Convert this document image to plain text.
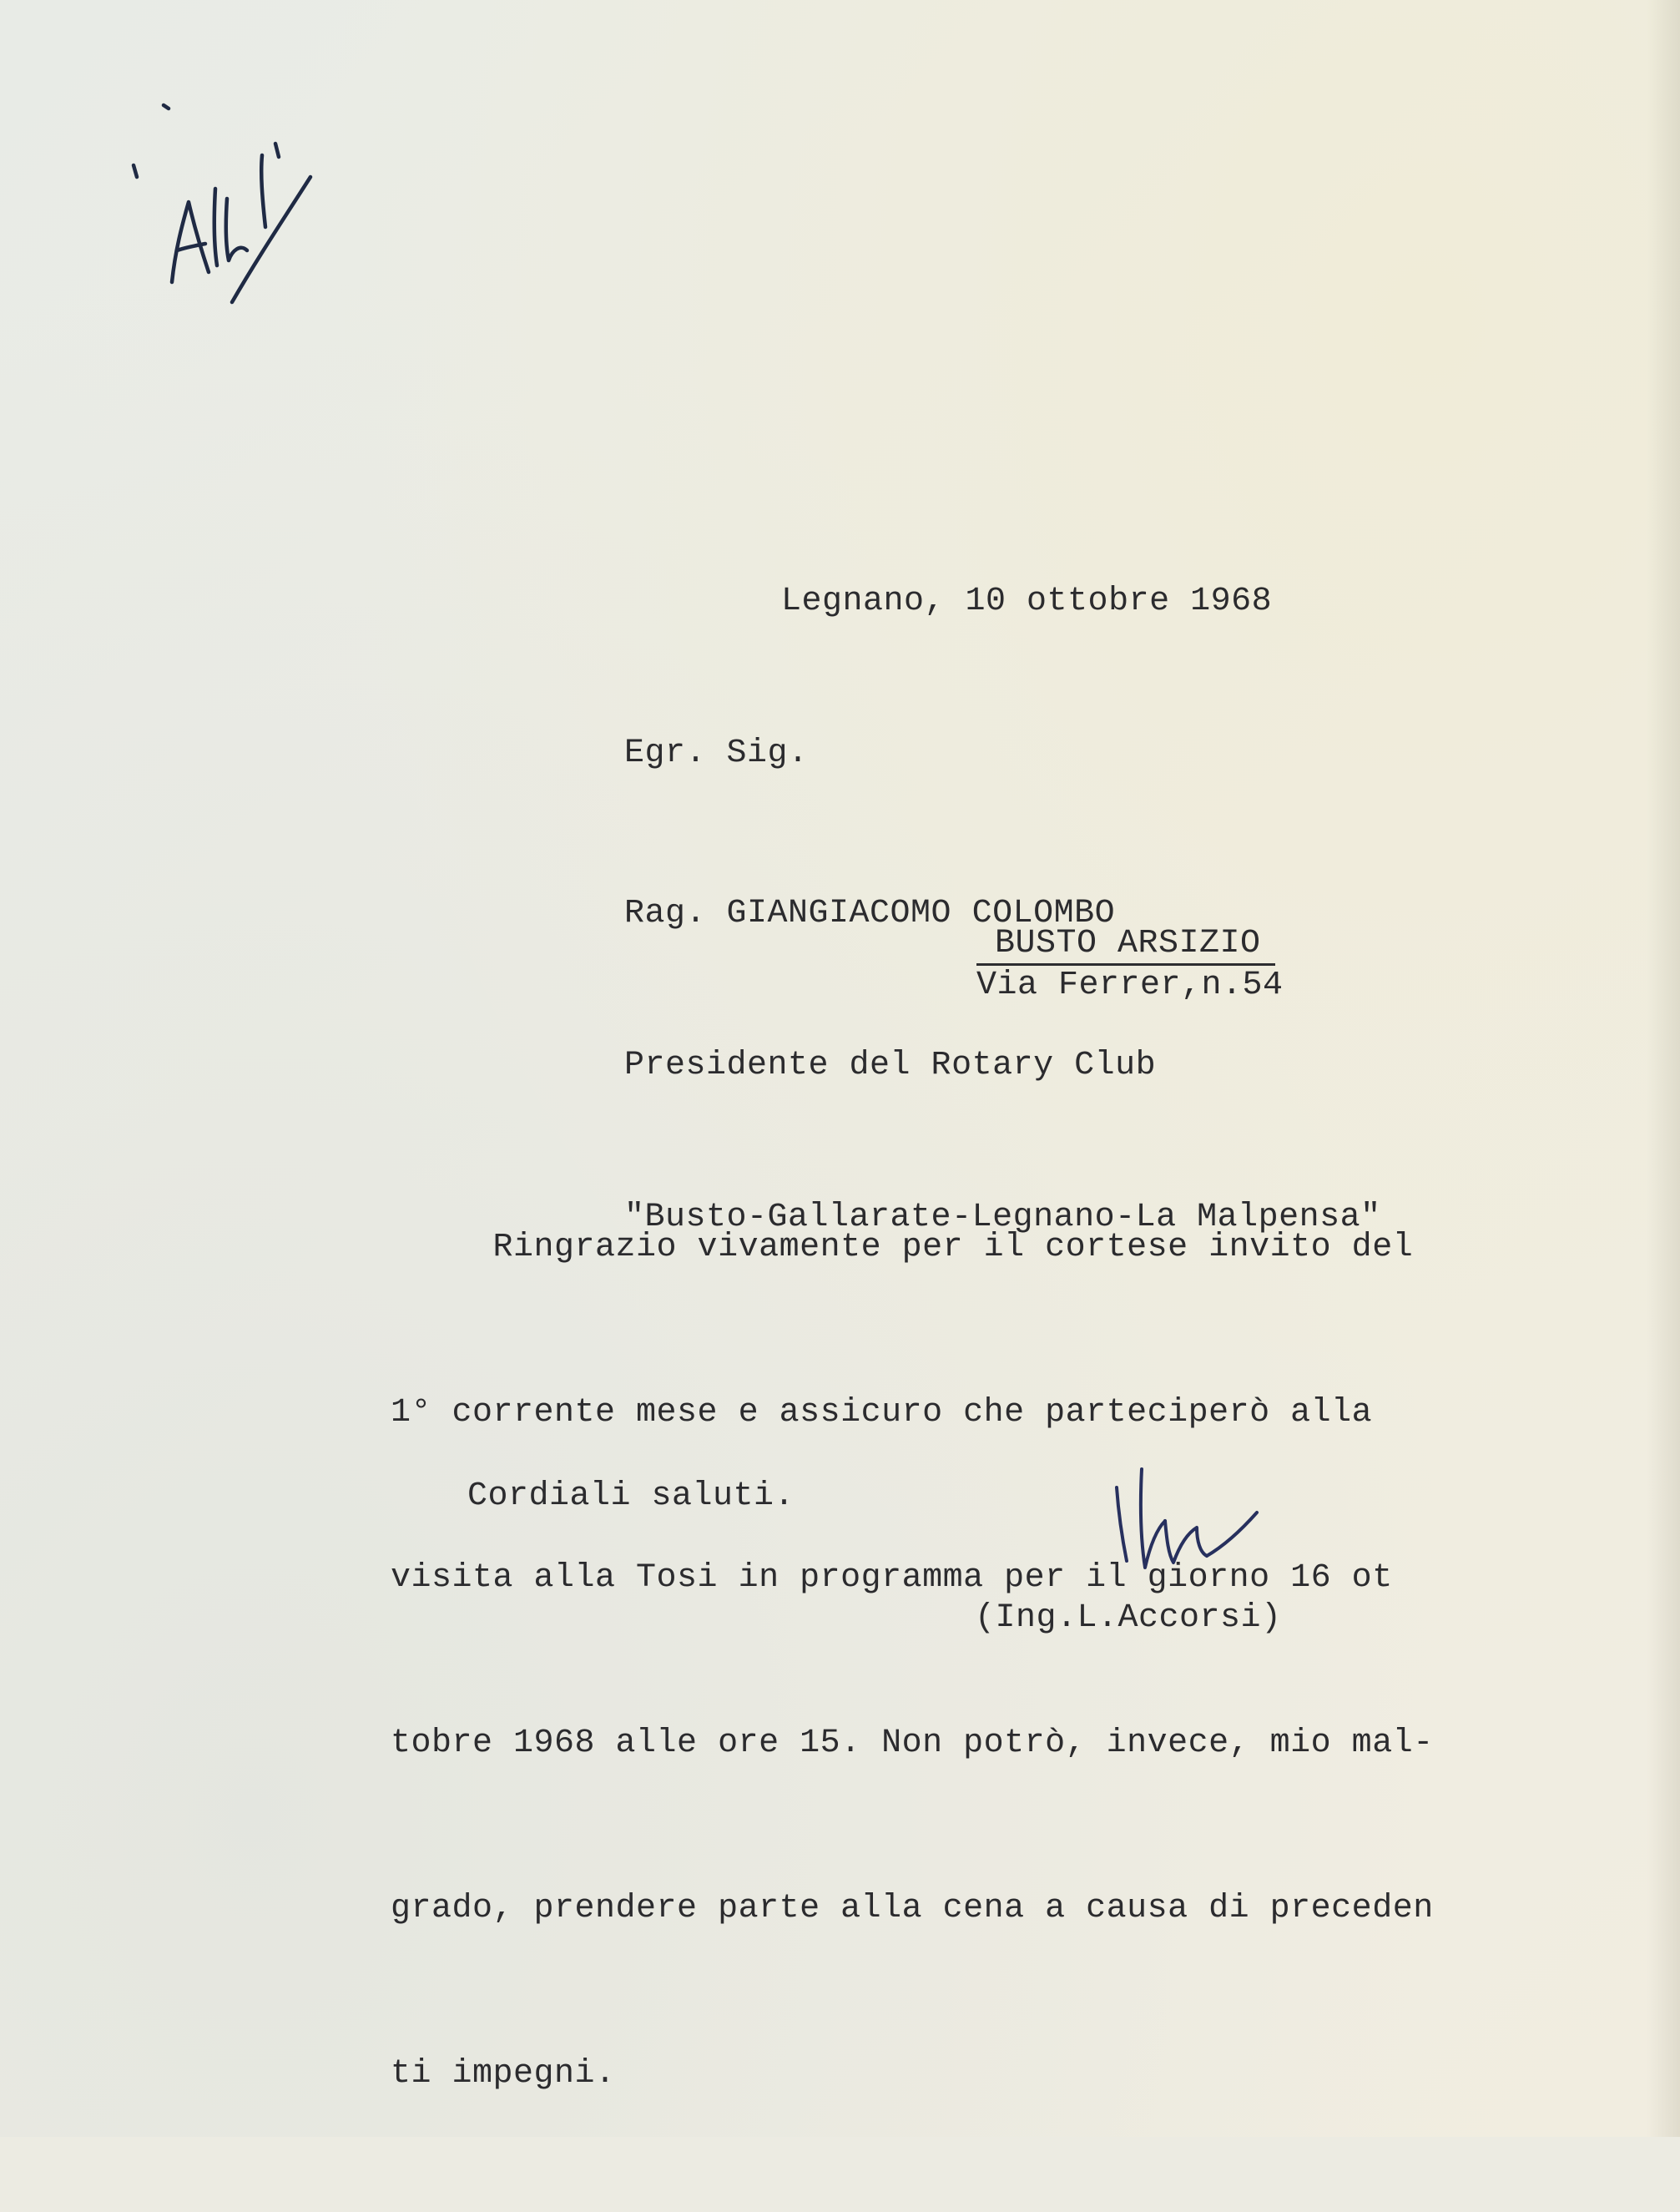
Legnano, 10 ottobre 1968

Egr. Sig.

Rag. GIANGIACOMO COLOMBO

Presidente del Rotary Club

"Busto-Gallarate-Legnano-La Malpensa"

BUSTO ARSIZIO

Via Ferrer,n.54

Ringrazio vivamente per il cortese invito del

1° corrente mese e assicuro che parteciperò alla

visita alla Tosi in programma per il giorno 16 ot

tobre 1968 alle ore 15. Non potrò, invece, mio mal-

grado, prendere parte alla cena a causa di preceden

ti impegni.

Cordiali saluti.

(Ing.L.Accorsi)
